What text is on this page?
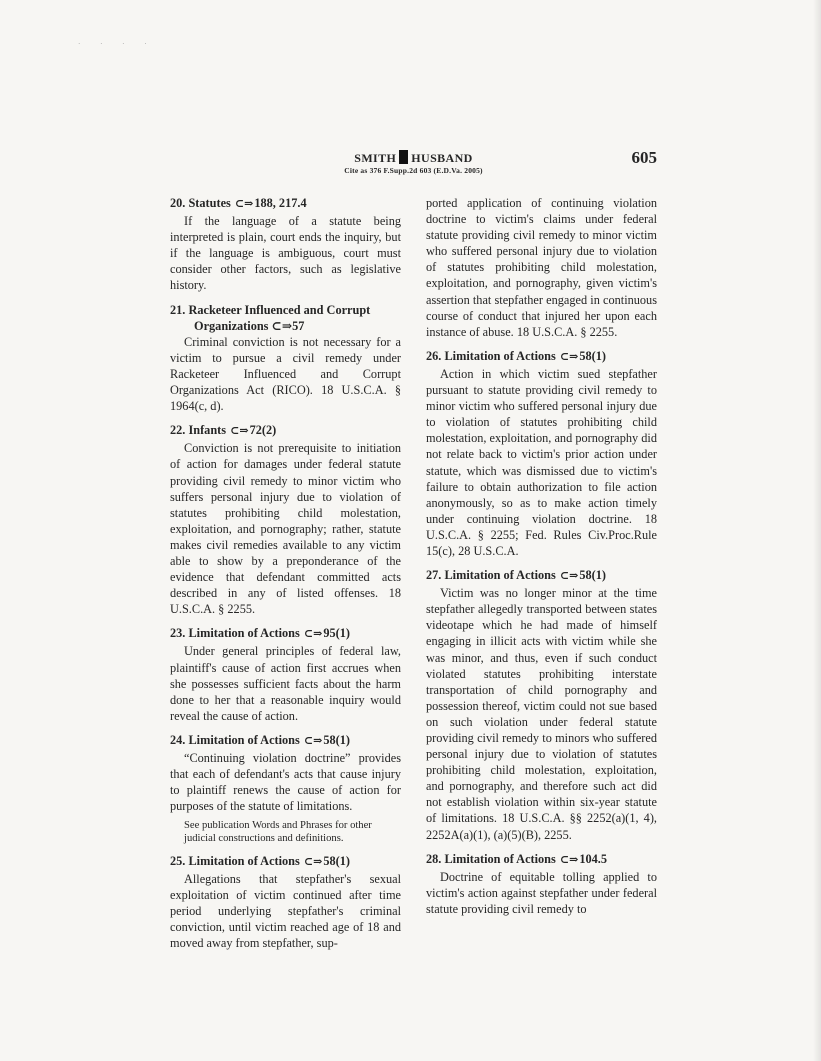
· · · ·
SMITH HUSBAND
Cite as 376 F.Supp.2d 603 (E.D.Va. 2005)
605
20. Statutes ⊂⇒188, 217.4

If the language of a statute being interpreted is plain, court ends the inquiry, but if the language is ambiguous, court must consider other factors, such as legislative history.

21. Racketeer Influenced and Corrupt
Organizations ⊂⇒57

Criminal conviction is not necessary for a victim to pursue a civil remedy under Racketeer Influenced and Corrupt Organizations Act (RICO). 18 U.S.C.A. § 1964(c, d).

22. Infants ⊂⇒72(2)

Conviction is not prerequisite to initiation of action for damages under federal statute providing civil remedy to minor victim who suffers personal injury due to violation of statutes prohibiting child molestation, exploitation, and pornography; rather, statute makes civil remedies available to any victim able to show by a preponderance of the evidence that defendant committed acts described in any of listed offenses. 18 U.S.C.A. § 2255.

23. Limitation of Actions ⊂⇒95(1)

Under general principles of federal law, plaintiff's cause of action first accrues when she possesses sufficient facts about the harm done to her that a reasonable inquiry would reveal the cause of action.

24. Limitation of Actions ⊂⇒58(1)

“Continuing violation doctrine” provides that each of defendant's acts that cause injury to plaintiff renews the cause of action for purposes of the statute of limitations.

See publication Words and Phrases for other judicial constructions and definitions.
25. Limitation of Actions ⊂⇒58(1)

Allegations that stepfather's sexual exploitation of victim continued after time period underlying stepfather's criminal conviction, until victim reached age of 18 and moved away from stepfather, sup-

ported application of continuing violation doctrine to victim's claims under federal statute providing civil remedy to minor victim who suffered personal injury due to violation of statutes prohibiting child molestation, exploitation, and pornography, given victim's assertion that stepfather engaged in continuous course of conduct that injured her upon each instance of abuse. 18 U.S.C.A. § 2255.

26. Limitation of Actions ⊂⇒58(1)

Action in which victim sued stepfather pursuant to statute providing civil remedy to minor victim who suffered personal injury due to violation of statutes prohibiting child molestation, exploitation, and pornography did not relate back to victim's prior action under statute, which was dismissed due to victim's failure to obtain authorization to file action anonymously, so as to make action timely under continuing violation doctrine. 18 U.S.C.A. § 2255; Fed. Rules Civ.Proc.Rule 15(c), 28 U.S.C.A.

27. Limitation of Actions ⊂⇒58(1)

Victim was no longer minor at the time stepfather allegedly transported between states videotape which he had made of himself engaging in illicit acts with victim while she was minor, and thus, even if such conduct violated statutes prohibiting interstate transportation of child pornography and possession thereof, victim could not sue based on such violation under federal statute providing civil remedy to minors who suffered personal injury due to violation of statutes prohibiting child molestation, exploitation, and pornography, and therefore such act did not establish violation within six-year statute of limitations. 18 U.S.C.A. §§ 2252(a)(1, 4), 2252A(a)(1), (a)(5)(B), 2255.

28. Limitation of Actions ⊂⇒104.5

Doctrine of equitable tolling applied to victim's action against stepfather under federal statute providing civil remedy to
